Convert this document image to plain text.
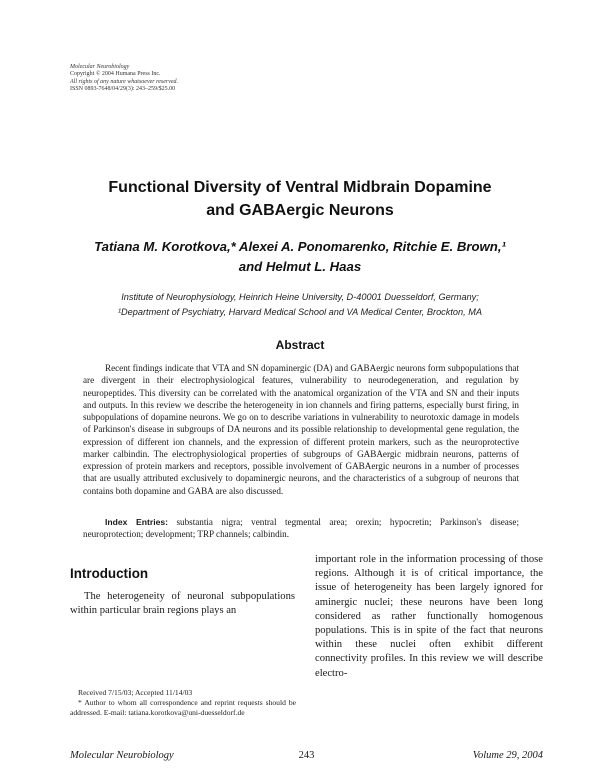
Molecular Neurobiology
Copyright © 2004 Humana Press Inc.
All rights of any nature whatsoever reserved.
ISSN 0893-7648/04/29(3): 243–259/$25.00
Functional Diversity of Ventral Midbrain Dopamine
and GABAergic Neurons
Tatiana M. Korotkova,* Alexei A. Ponomarenko, Ritchie E. Brown,¹
and Helmut L. Haas
Institute of Neurophysiology, Heinrich Heine University, D-40001 Duesseldorf, Germany;
¹Department of Psychiatry, Harvard Medical School and VA Medical Center, Brockton, MA
Abstract
Recent findings indicate that VTA and SN dopaminergic (DA) and GABAergic neurons form subpopulations that are divergent in their electrophysiological features, vulnerability to neurodegeneration, and regulation by neuropeptides. This diversity can be correlated with the anatomical organization of the VTA and SN and their inputs and outputs. In this review we describe the heterogeneity in ion channels and firing patterns, especially burst firing, in subpopulations of dopamine neurons. We go on to describe variations in vulnerability to neurotoxic damage in models of Parkinson's disease in subgroups of DA neurons and its possible relationship to developmental gene regulation, the expression of different ion channels, and the expression of different protein markers, such as the neuroprotective marker calbindin. The electrophysiological properties of subgroups of GABAergic midbrain neurons, patterns of expression of protein markers and receptors, possible involvement of GABAergic neurons in a number of processes that are usually attributed exclusively to dopaminergic neurons, and the characteristics of a subgroup of neurons that contains both dopamine and GABA are also discussed.
Index Entries: substantia nigra; ventral tegmental area; orexin; hypocretin; Parkinson's disease; neuroprotection; development; TRP channels; calbindin.
Introduction
The heterogeneity of neuronal subpopulations within particular brain regions plays an
important role in the information processing of those regions. Although it is of critical importance, the issue of heterogeneity has been largely ignored for aminergic nuclei; these neurons have been long considered as rather functionally homogenous populations. This is in spite of the fact that neurons within these nuclei often exhibit different connectivity profiles. In this review we will describe electro-

Received 7/15/03; Accepted 11/14/03

* Author to whom all correspondence and reprint requests should be addressed. E-mail: tatiana.korotkova@uni-duesseldorf.de

Molecular Neurobiology	243	Volume 29, 2004
